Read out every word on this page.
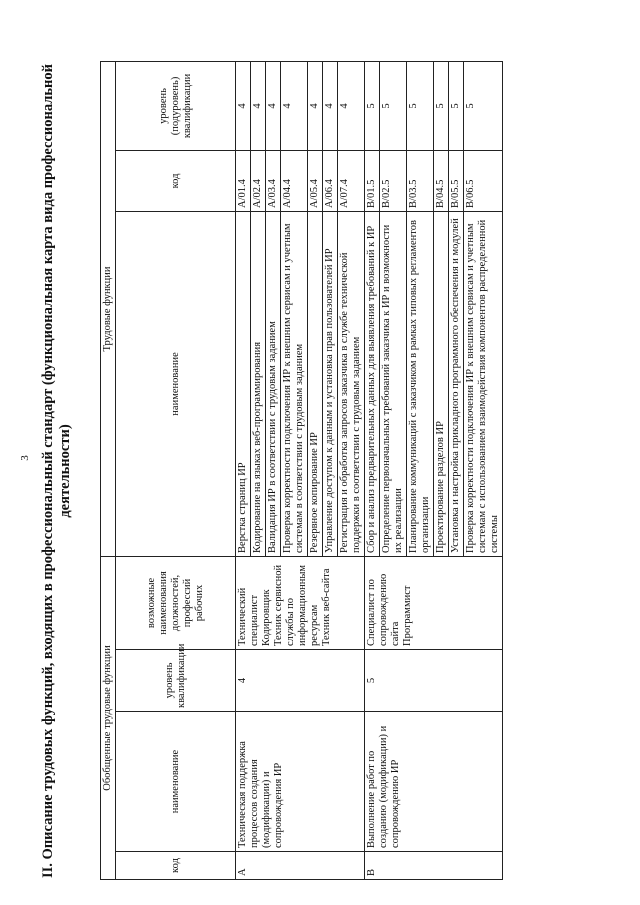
3 II. Описание трудовых функций, входящих в профессиональный стандарт (функциональная карта вида профессиональной деятельности)
Обобщенные трудовые функции				Трудовые функции		
код	наименование	уровень квалификации	возможные наименования должностей, профессий рабочих	наименование	код	уровень (подуровень) квалификации
A	Техническая поддержка процессов создания (модификации) и сопровождения ИР	4	Технический специалист Кодировщик Техник сервисной службы по информационным ресурсам Техник веб-сайта	Верстка страниц ИР	A/01.4	4
				Кодирование на языках веб-программирования	A/02.4	4
				Валидация ИР в соответствии с трудовым заданием	A/03.4	4
				Проверка корректности подключения ИР к внешним сервисам и учетным системам в соответствии с трудовым заданием	A/04.4	4
				Резервное копирование ИР	A/05.4	4
				Управление доступом к данным и установка прав пользователей ИР	A/06.4	4
				Регистрация и обработка запросов заказчика в службе технической поддержки в соответствии с трудовым заданием	A/07.4	4
B	Выполнение работ по созданию (модификации) и сопровождению ИР	5	Специалист по сопровождению сайта Программист	Сбор и анализ предварительных данных для выявления требований к ИР	B/01.5	5
				Определение первоначальных требований заказчика к ИР и возможности их реализации	B/02.5	5
				Планирование коммуникаций с заказчиком в рамках типовых регламентов организации	B/03.5	5
				Проектирование разделов ИР	B/04.5	5
				Установка и настройка прикладного программного обеспечения и модулей	B/05.5	5
				Проверка корректности подключения ИР к внешним сервисам и учетным системам с использованием взаимодействия компонентов распределенной системы	B/06.5	5
